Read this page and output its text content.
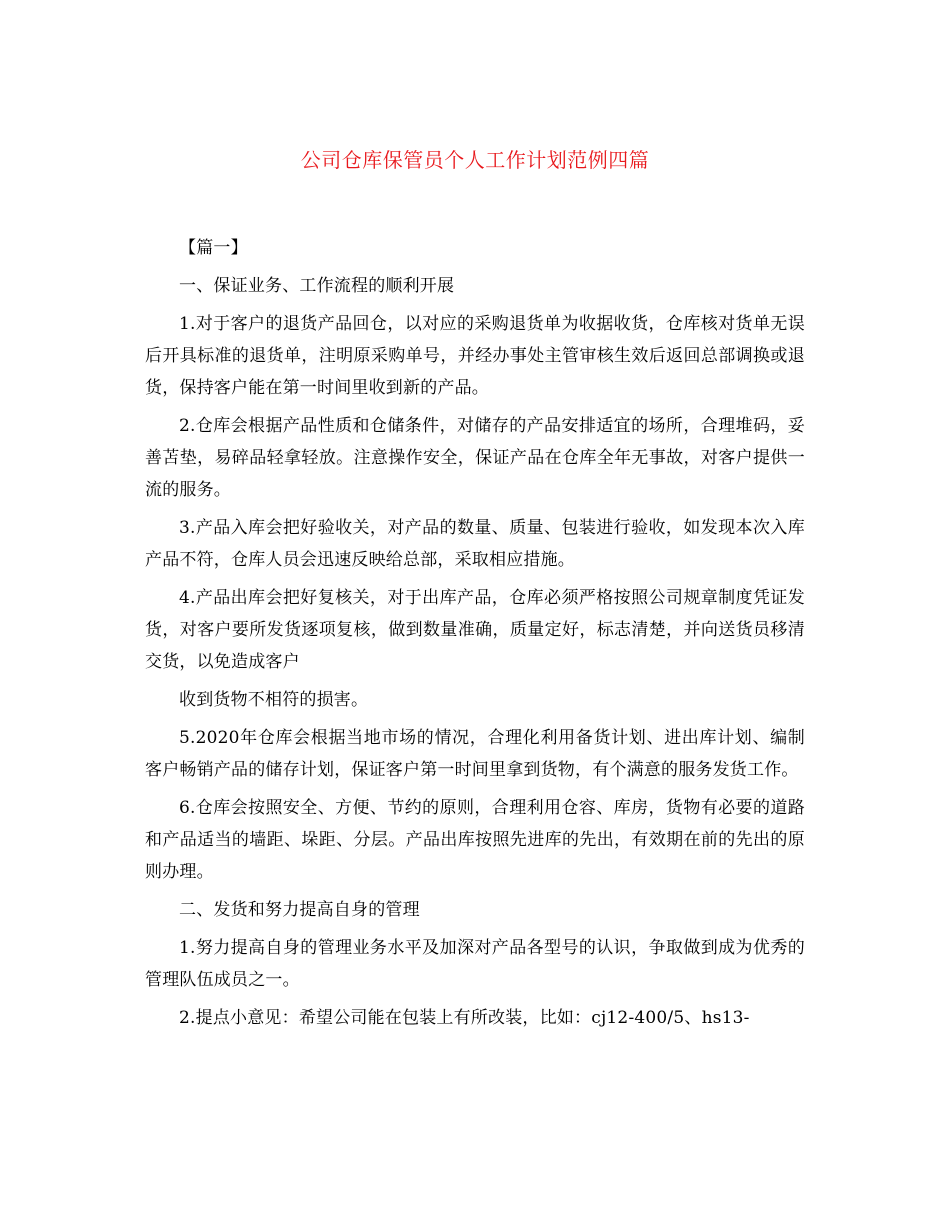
公司仓库保管员个人工作计划范例四篇

【篇一】

一、保证业务、工作流程的顺利开展

1.对于客户的退货产品回仓，以对应的采购退货单为收据收货，仓库核对货单无误后开具标准的退货单，注明原采购单号，并经办事处主管审核生效后返回总部调换或退货，保持客户能在第一时间里收到新的产品。

2.仓库会根据产品性质和仓储条件，对储存的产品安排适宜的场所，合理堆码，妥善苫垫，易碎品轻拿轻放。注意操作安全，保证产品在仓库全年无事故，对客户提供一流的服务。

3.产品入库会把好验收关，对产品的数量、质量、包装进行验收，如发现本次入库产品不符，仓库人员会迅速反映给总部，采取相应措施。

4.产品出库会把好复核关，对于出库产品，仓库必须严格按照公司规章制度凭证发货，对客户要所发货逐项复核，做到数量准确，质量定好，标志清楚，并向送货员移清交货，以免造成客户

收到货物不相符的损害。

5.2020年仓库会根据当地市场的情况，合理化利用备货计划、进出库计划、编制客户畅销产品的储存计划，保证客户第一时间里拿到货物，有个满意的服务发货工作。

6.仓库会按照安全、方便、节约的原则，合理利用仓容、库房，货物有必要的道路和产品适当的墙距、垛距、分层。产品出库按照先进库的先出，有效期在前的先出的原则办理。

二、发货和努力提高自身的管理

1.努力提高自身的管理业务水平及加深对产品各型号的认识，争取做到成为优秀的管理队伍成员之一。

2.提点小意见：希望公司能在包装上有所改装，比如：cj12-400/5、hs13-
